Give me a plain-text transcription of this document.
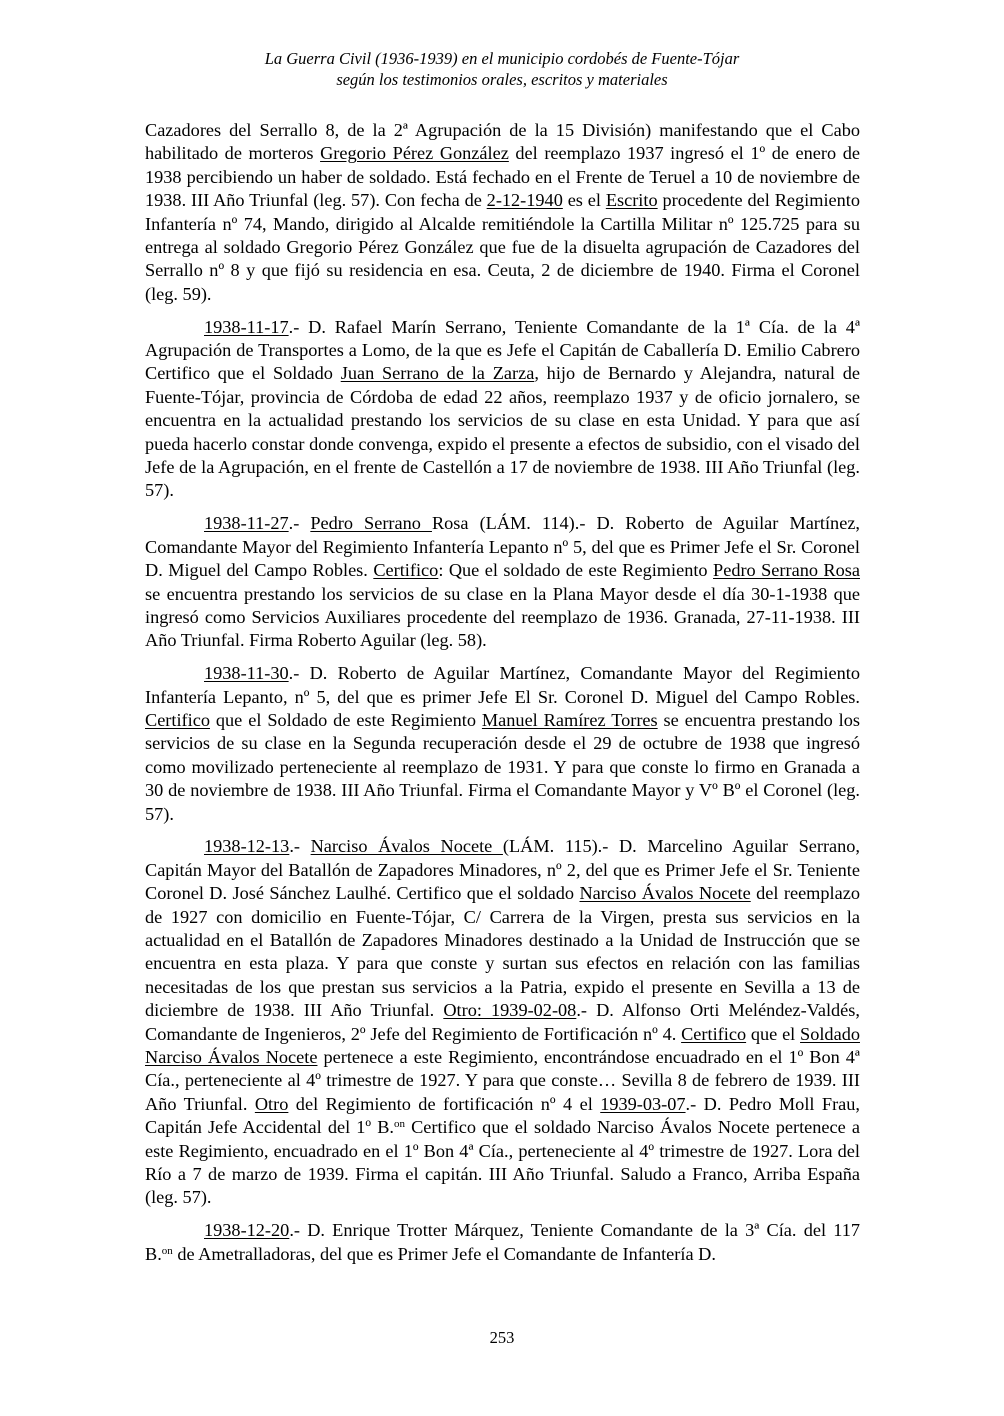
La Guerra Civil (1936-1939) en el municipio cordobés de Fuente-Tójar
según los testimonios orales, escritos y materiales

Cazadores del Serrallo 8, de la 2ª Agrupación de la 15 División) manifestando que el Cabo habilitado de morteros Gregorio Pérez González del reemplazo 1937 ingresó el 1º de enero de 1938 percibiendo un haber de soldado. Está fechado en el Frente de Teruel a 10 de noviembre de 1938. III Año Triunfal (leg. 57). Con fecha de 2-12-1940 es el Escrito procedente del Regimiento Infantería nº 74, Mando, dirigido al Alcalde remitiéndole la Cartilla Militar nº 125.725 para su entrega al soldado Gregorio Pérez González que fue de la disuelta agrupación de Cazadores del Serrallo nº 8 y que fijó su residencia en esa. Ceuta, 2 de diciembre de 1940. Firma el Coronel (leg. 59).

1938-11-17.- D. Rafael Marín Serrano, Teniente Comandante de la 1ª Cía. de la 4ª Agrupación de Transportes a Lomo, de la que es Jefe el Capitán de Caballería D. Emilio Cabrero Certifico que el Soldado Juan Serrano de la Zarza, hijo de Bernardo y Alejandra, natural de Fuente-Tójar, provincia de Córdoba de edad 22 años, reemplazo 1937 y de oficio jornalero, se encuentra en la actualidad prestando los servicios de su clase en esta Unidad. Y para que así pueda hacerlo constar donde convenga, expido el presente a efectos de subsidio, con el visado del Jefe de la Agrupación, en el frente de Castellón a 17 de noviembre de 1938. III Año Triunfal (leg. 57).

1938-11-27.- Pedro Serrano Rosa (LÁM. 114).- D. Roberto de Aguilar Martínez, Comandante Mayor del Regimiento Infantería Lepanto nº 5, del que es Primer Jefe el Sr. Coronel D. Miguel del Campo Robles. Certifico: Que el soldado de este Regimiento Pedro Serrano Rosa se encuentra prestando los servicios de su clase en la Plana Mayor desde el día 30-1-1938 que ingresó como Servicios Auxiliares procedente del reemplazo de 1936. Granada, 27-11-1938. III Año Triunfal. Firma Roberto Aguilar (leg. 58).

1938-11-30.- D. Roberto de Aguilar Martínez, Comandante Mayor del Regimiento Infantería Lepanto, nº 5, del que es primer Jefe El Sr. Coronel D. Miguel del Campo Robles. Certifico que el Soldado de este Regimiento Manuel Ramírez Torres se encuentra prestando los servicios de su clase en la Segunda recuperación desde el 29 de octubre de 1938 que ingresó como movilizado perteneciente al reemplazo de 1931. Y para que conste lo firmo en Granada a 30 de noviembre de 1938. III Año Triunfal. Firma el Comandante Mayor y Vº Bº el Coronel (leg. 57).

1938-12-13.- Narciso Ávalos Nocete (LÁM. 115).- D. Marcelino Aguilar Serrano, Capitán Mayor del Batallón de Zapadores Minadores, nº 2, del que es Primer Jefe el Sr. Teniente Coronel D. José Sánchez Laulhé. Certifico que el soldado Narciso Ávalos Nocete del reemplazo de 1927 con domicilio en Fuente-Tójar, C/ Carrera de la Virgen, presta sus servicios en la actualidad en el Batallón de Zapadores Minadores destinado a la Unidad de Instrucción que se encuentra en esta plaza. Y para que conste y surtan sus efectos en relación con las familias necesitadas de los que prestan sus servicios a la Patria, expido el presente en Sevilla a 13 de diciembre de 1938. III Año Triunfal. Otro: 1939-02-08.- D. Alfonso Orti Meléndez-Valdés, Comandante de Ingenieros, 2º Jefe del Regimiento de Fortificación nº 4. Certifico que el Soldado Narciso Ávalos Nocete pertenece a este Regimiento, encontrándose encuadrado en el 1º Bon 4ª Cía., perteneciente al 4º trimestre de 1927. Y para que conste… Sevilla 8 de febrero de 1939. III Año Triunfal. Otro del Regimiento de fortificación nº 4 el 1939-03-07.- D. Pedro Moll Frau, Capitán Jefe Accidental del 1º B.$^{on}$ Certifico que el soldado Narciso Ávalos Nocete pertenece a este Regimiento, encuadrado en el 1º Bon 4ª Cía., perteneciente al 4º trimestre de 1927. Lora del Río a 7 de marzo de 1939. Firma el capitán. III Año Triunfal. Saludo a Franco, Arriba España (leg. 57).

1938-12-20.- D. Enrique Trotter Márquez, Teniente Comandante de la 3ª Cía. del 117 B.$^{on}$ de Ametralladoras, del que es Primer Jefe el Comandante de Infantería D.

253
